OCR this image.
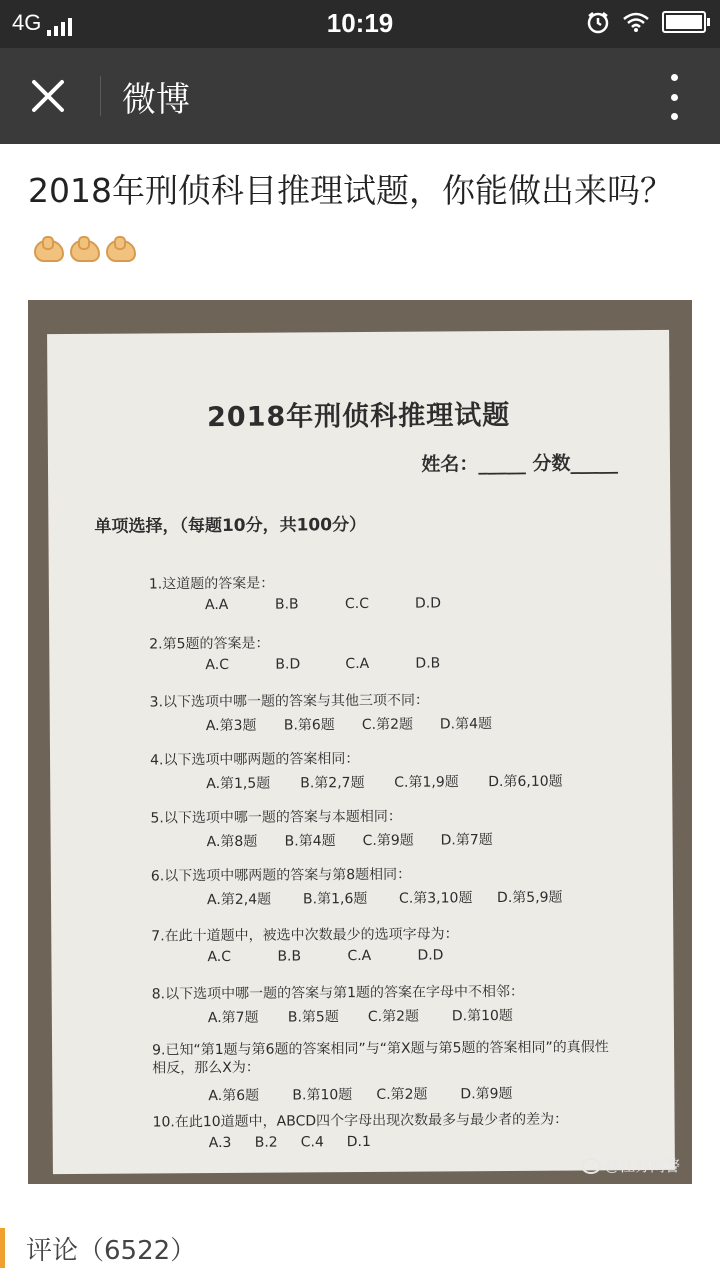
4G	10:19
微博
2018年刑侦科目推理试题，你能做出来吗？
2018年刑侦科推理试题
姓名：_____ 分数_____
单项选择，（每题10分，共100分）
1.这道题的答案是：
A.A	B.B	C.C	D.D
2.第5题的答案是：
A.C	B.D	C.A	D.B
3.以下选项中哪一题的答案与其他三项不同：
A.第3题 B.第6题 C.第2题 D.第4题
4.以下选项中哪两题的答案相同：
A.第1,5题 B.第2,7题 C.第1,9题 D.第6,10题
5.以下选项中哪一题的答案与本题相同：
A.第8题 B.第4题 C.第9题 D.第7题
6.以下选项中哪两题的答案与第8题相同：
A.第2,4题 B.第1,6题 C.第3,10题 D.第5,9题
7.在此十道题中，被选中次数最少的选项字母为：
A.C	B.B	C.A	D.D
8.以下选项中哪一题的答案与第1题的答案在字母中不相邻：
A.第7题 B.第5题 C.第2题 D.第10题
9.已知“第1题与第6题的答案相同”与“第X题与第5题的答案相同”的真假性相反，那么X为：
A.第6题 B.第10题 C.第2题 D.第9题
10.在此10道题中，ABCD四个字母出现次数最多与最少者的差为：
A.3 B.2 C.4 D.1
@江苏网警
评论（6522）
